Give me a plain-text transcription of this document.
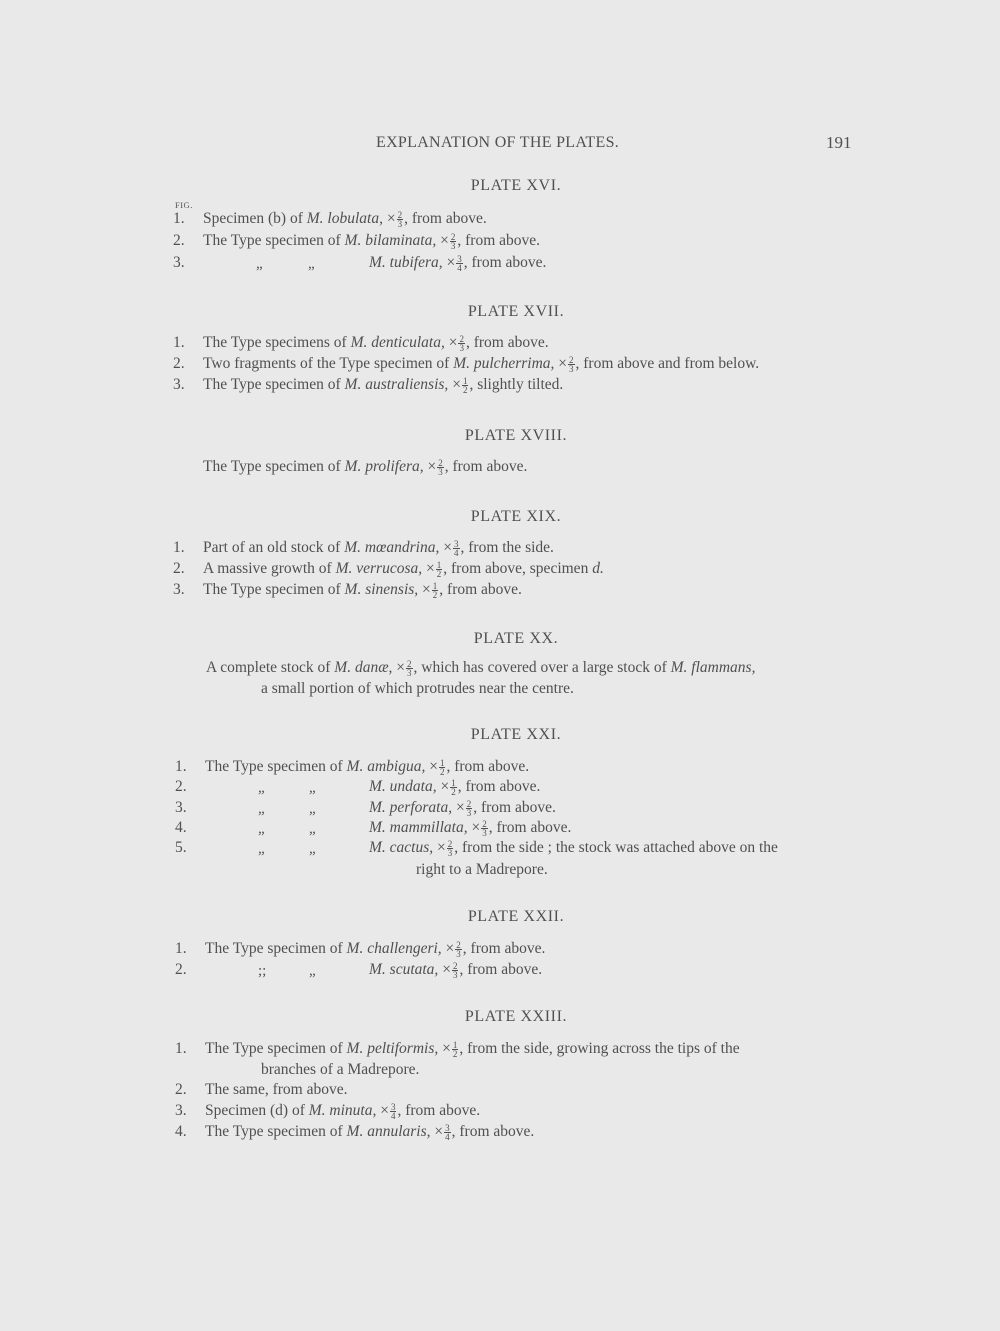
EXPLANATION OF THE PLATES.	191
PLATE XVI.
FIG.
1.	Specimen (b) of M. lobulata, × $\frac{2}{3}$ , from above.
2.	The Type specimen of M. bilaminata, × $\frac{2}{3}$ , from above.
3.	„	„	M. tubifera, × $\frac{3}{4}$ , from above.
PLATE XVII.
1.	The Type specimens of M. denticulata, × $\frac{2}{3}$ , from above.
2.	Two fragments of the Type specimen of M. pulcherrima, × $\frac{2}{3}$ , from above and from below.
3.	The Type specimen of M. australiensis, × $\frac{1}{2}$ , slightly tilted.
PLATE XVIII.
The Type specimen of M. prolifera, × $\frac{2}{3}$ , from above.
PLATE XIX.
1.	Part of an old stock of M. mœandrina, × $\frac{3}{4}$ , from the side.
2.	A massive growth of M. verrucosa, × $\frac{1}{2}$ , from above, specimen d.
3.	The Type specimen of M. sinensis, × $\frac{1}{2}$ , from above.
PLATE XX.
A complete stock of M. danæ, × $\frac{2}{3}$ , which has covered over a large stock of M. flammans,
a small portion of which protrudes near the centre.
PLATE XXI.
1.	The Type specimen of M. ambigua, × $\frac{1}{2}$ , from above.
2.	„	„	M. undata, × $\frac{1}{2}$ , from above.
3.	„	„	M. perforata, × $\frac{2}{3}$ , from above.
4.	„	„	M. mammillata, × $\frac{2}{3}$ , from above.
5.	„	„	M. cactus, × $\frac{2}{3}$ , from the side ; the stock was attached above on the
right to a Madrepore.
PLATE XXII.
1.	The Type specimen of M. challengeri, × $\frac{2}{3}$ , from above.
2.	;;	„	M. scutata, × $\frac{2}{3}$ , from above.
PLATE XXIII.
1.	The Type specimen of M. peltiformis, × $\frac{1}{2}$ , from the side, growing across the tips of the
branches of a Madrepore.
2.	The same, from above.
3.	Specimen (d) of M. minuta, × $\frac{3}{4}$ , from above.
4.	The Type specimen of M. annularis, × $\frac{3}{4}$ , from above.
